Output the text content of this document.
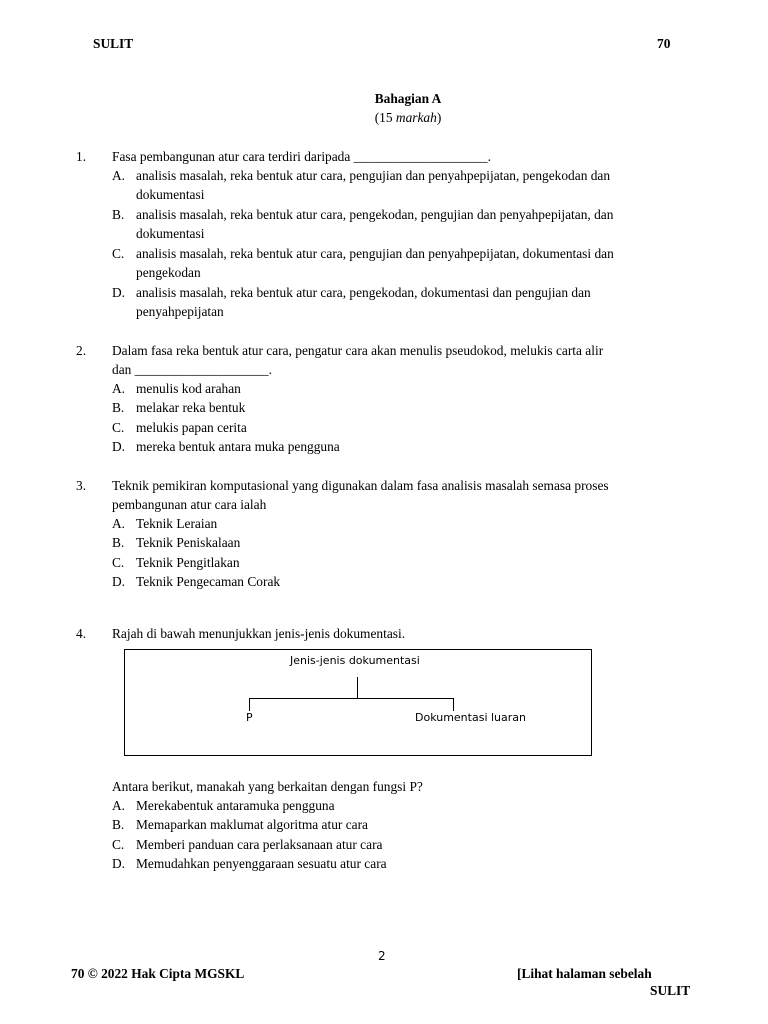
SULIT	70
Bahagian A
(15 markah)
1. Fasa pembangunan atur cara terdiri daripada ____________________.
A. analisis masalah, reka bentuk atur cara, pengujian dan penyahpepijatan, pengekodan dan
dokumentasi
B. analisis masalah, reka bentuk atur cara, pengekodan, pengujian dan penyahpepijatan, dan
dokumentasi
C. analisis masalah, reka bentuk atur cara, pengujian dan penyahpepijatan, dokumentasi dan
pengekodan
D. analisis masalah, reka bentuk atur cara, pengekodan, dokumentasi dan pengujian dan
penyahpepijatan
2. Dalam fasa reka bentuk atur cara, pengatur cara akan menulis pseudokod, melukis carta alir
dan ____________________.
A. menulis kod arahan
B. melakar reka bentuk
C. melukis papan cerita
D. mereka bentuk antara muka pengguna
3. Teknik pemikiran komputasional yang digunakan dalam fasa analisis masalah semasa proses
pembangunan atur cara ialah
A. Teknik Leraian
B. Teknik Peniskalaan
C. Teknik Pengitlakan
D. Teknik Pengecaman Corak
4. Rajah di bawah menunjukkan jenis-jenis dokumentasi.
Jenis-jenis dokumentasi
P	Dokumentasi luaran
Antara berikut, manakah yang berkaitan dengan fungsi P?
A. Merekabentuk antaramuka pengguna
B. Memaparkan maklumat algoritma atur cara
C. Memberi panduan cara perlaksanaan atur cara
D. Memudahkan penyenggaraan sesuatu atur cara
2
70 © 2022 Hak Cipta MGSKL	[Lihat halaman sebelah
SULIT
